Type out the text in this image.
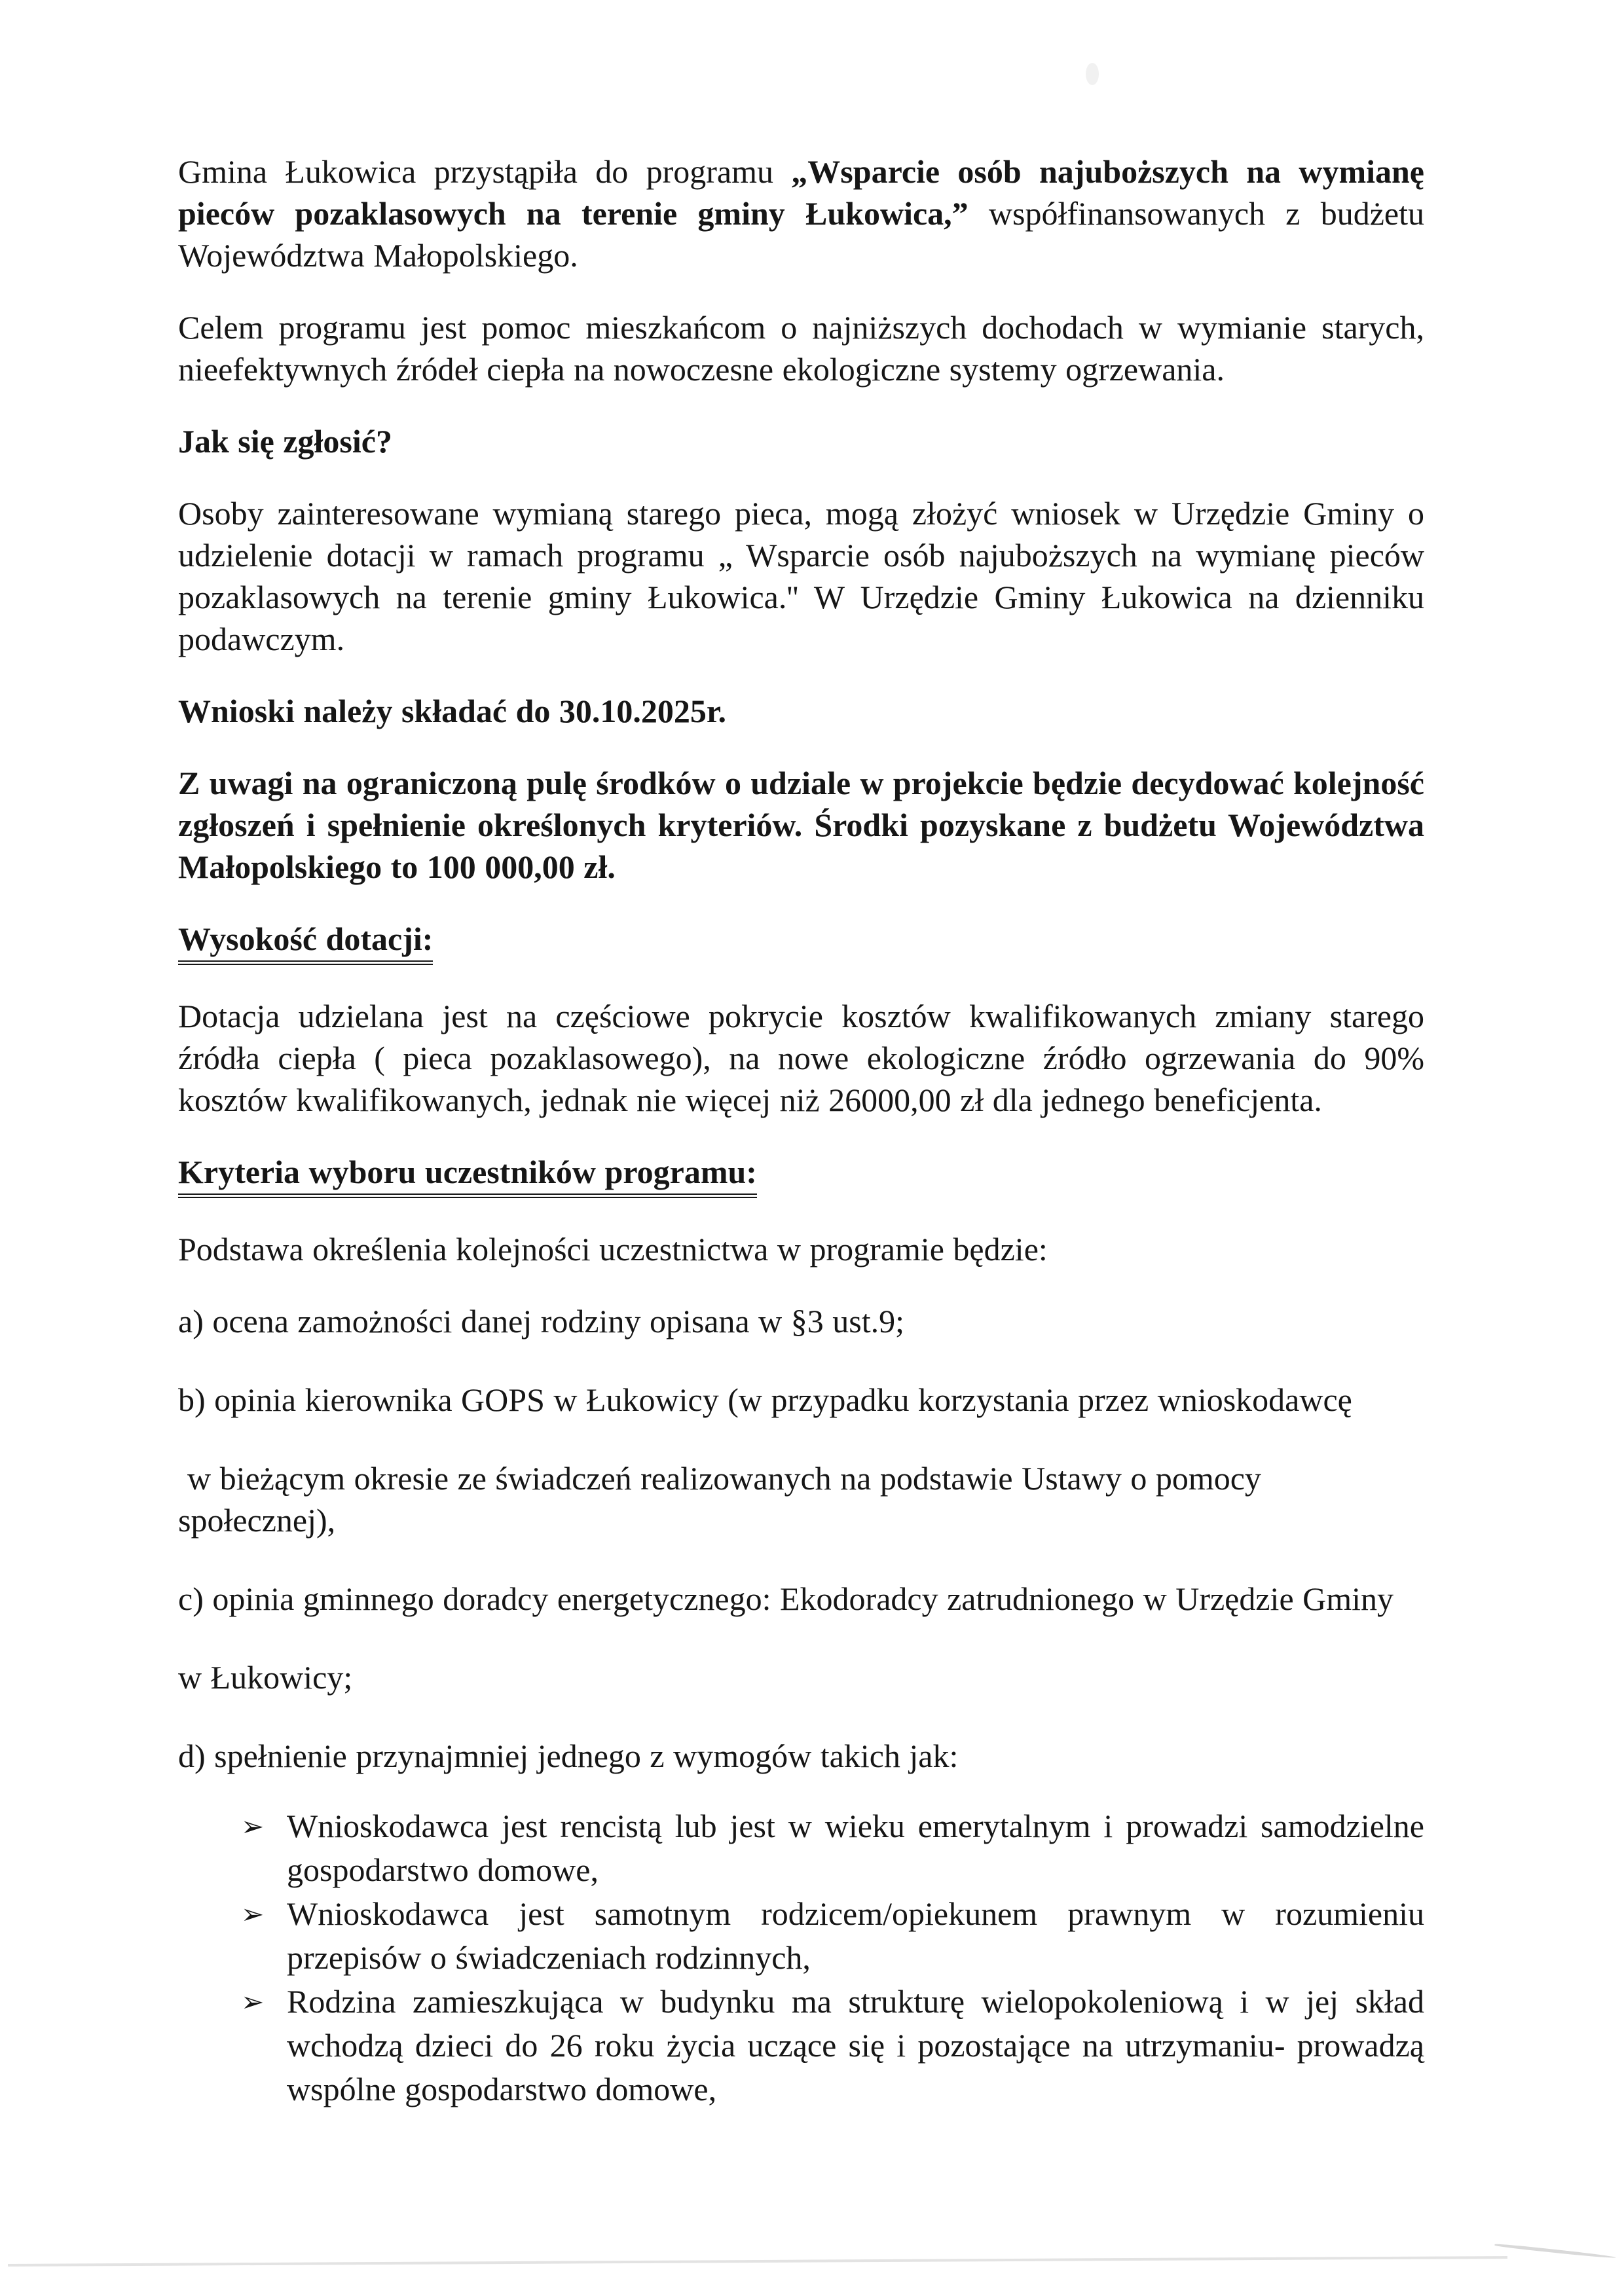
Gmina Łukowica przystąpiła do programu „Wsparcie osób najuboższych na wymianę pieców pozaklasowych na terenie gminy Łukowica,” współfinansowanych z budżetu Województwa Małopolskiego.

Celem programu jest pomoc mieszkańcom o najniższych dochodach w wymianie starych, nieefektywnych źródeł ciepła na nowoczesne ekologiczne systemy ogrzewania.

Jak się zgłosić?

Osoby zainteresowane wymianą starego pieca, mogą złożyć wniosek w Urzędzie Gminy o udzielenie dotacji w ramach programu „ Wsparcie osób najuboższych na wymianę pieców pozaklasowych na terenie gminy Łukowica.'' W Urzędzie Gminy Łukowica na dzienniku podawczym.

Wnioski należy składać do 30.10.2025r.

Z uwagi na ograniczoną pulę środków o udziale w projekcie będzie decydować kolejność zgłoszeń i spełnienie określonych kryteriów. Środki pozyskane z budżetu Województwa Małopolskiego to 100 000,00 zł.

Wysokość dotacji:

Dotacja udzielana jest na częściowe pokrycie kosztów kwalifikowanych zmiany starego źródła ciepła ( pieca pozaklasowego), na nowe ekologiczne źródło ogrzewania do 90% kosztów kwalifikowanych, jednak nie więcej niż 26000,00 zł dla jednego beneficjenta.

Kryteria wyboru uczestników programu:

Podstawa określenia kolejności uczestnictwa w programie będzie:

a) ocena zamożności danej rodziny opisana w §3 ust.9;

b) opinia kierownika GOPS w Łukowicy (w przypadku korzystania przez wnioskodawcę

w bieżącym okresie ze świadczeń realizowanych na podstawie Ustawy o pomocy społecznej),

c) opinia gminnego doradcy energetycznego: Ekodoradcy zatrudnionego w Urzędzie Gminy

w Łukowicy;

d) spełnienie przynajmniej jednego z wymogów takich jak:

➢ Wnioskodawca jest rencistą lub jest w wieku emerytalnym i prowadzi samodzielne gospodarstwo domowe,
➢ Wnioskodawca jest samotnym rodzicem/opiekunem prawnym w rozumieniu przepisów o świadczeniach rodzinnych,
➢ Rodzina zamieszkująca w budynku ma strukturę wielopokoleniową i w jej skład wchodzą dzieci do 26 roku życia uczące się i pozostające na utrzymaniu- prowadzą wspólne gospodarstwo domowe,
